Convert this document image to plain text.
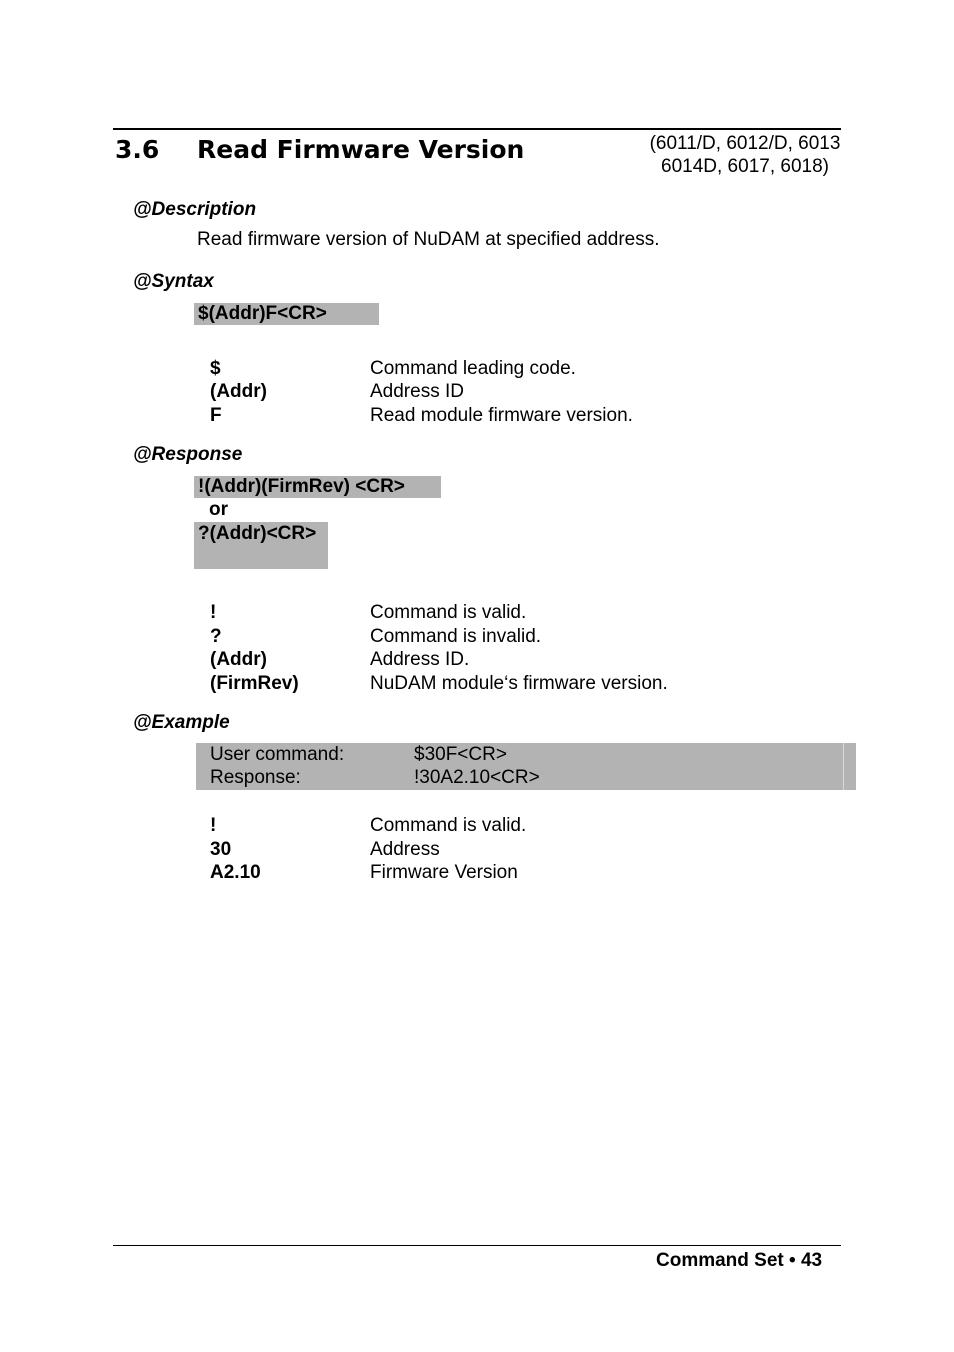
3.6 Read Firmware Version	(6011/D, 6012/D, 6013
6014D, 6017, 6018)
@Description
Read firmware version of NuDAM at specified address.
@Syntax
$(Addr)F<CR>
$	Command leading code.
(Addr)	Address ID
F	Read module firmware version.
@Response
!(Addr)(FirmRev) <CR>
or
?(Addr)<CR>
!	Command is valid.
?	Command is invalid.
(Addr)	Address ID.
(FirmRev)	NuDAM module‘s firmware version.
@Example
User command:	$30F<CR>
Response:	!30A2.10<CR>
!	Command is valid.
30	Address
A2.10	Firmware Version
Command Set • 43
